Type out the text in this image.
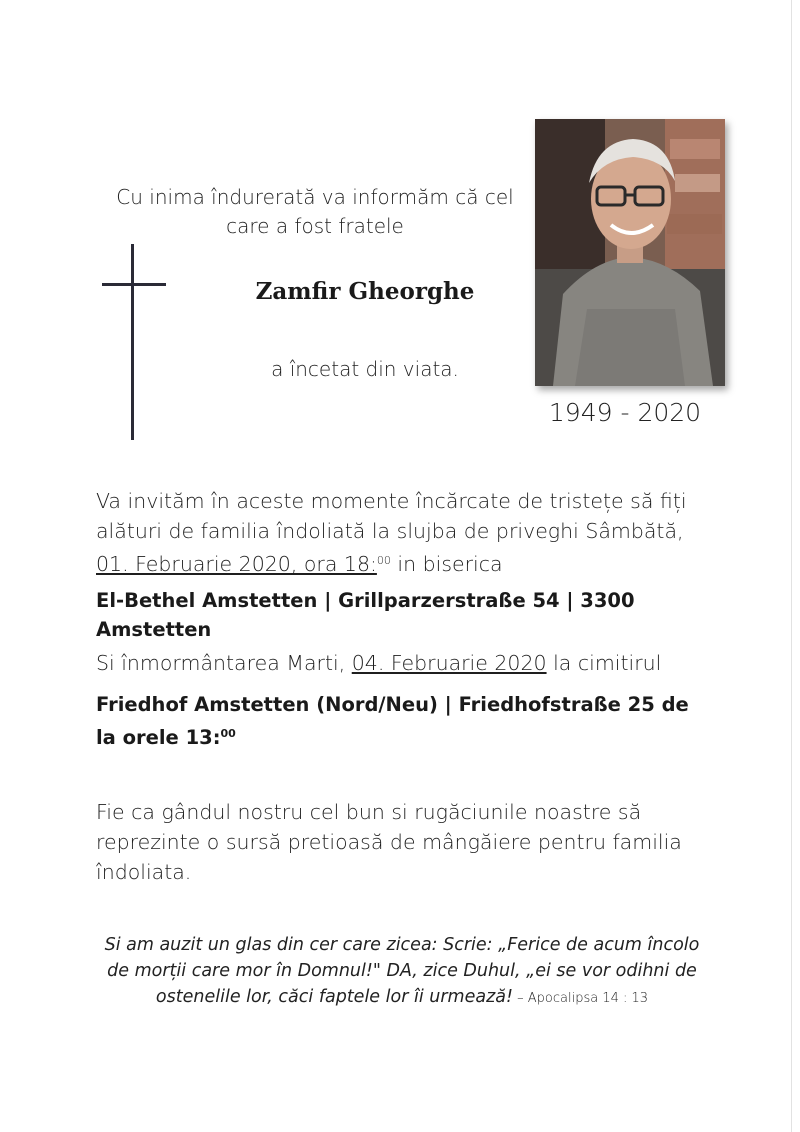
Cu inima îndurerată va informăm că cel care a fost fratele
Zamfir Gheorghe
a încetat din viata.
1949 - 2020
Va invităm în aceste momente încărcate de tristețe să fiți alături de familia îndoliată la slujba de priveghi Sâmbătă,
01. Februarie 2020, ora 18:$^{00}$ in biserica
El-Bethel Amstetten | Grillparzerstraße 54 | 3300 Amstetten
Si înmormântarea Marti, 04. Februarie 2020 la cimitirul
Friedhof Amstetten (Nord/Neu) | Friedhofstraße 25 de la orele 13:$^{00}$
Fie ca gândul nostru cel bun si rugăciunile noastre să reprezinte o sursă pretioasă de mângăiere pentru familia îndoliata.
Si am auzit un glas din cer care zicea: Scrie: „Ferice de acum încolo de morții care mor în Domnul!" DA, zice Duhul, „ei se vor odihni de ostenelile lor, căci faptele lor îi urmează! – Apocalipsa 14 : 13
